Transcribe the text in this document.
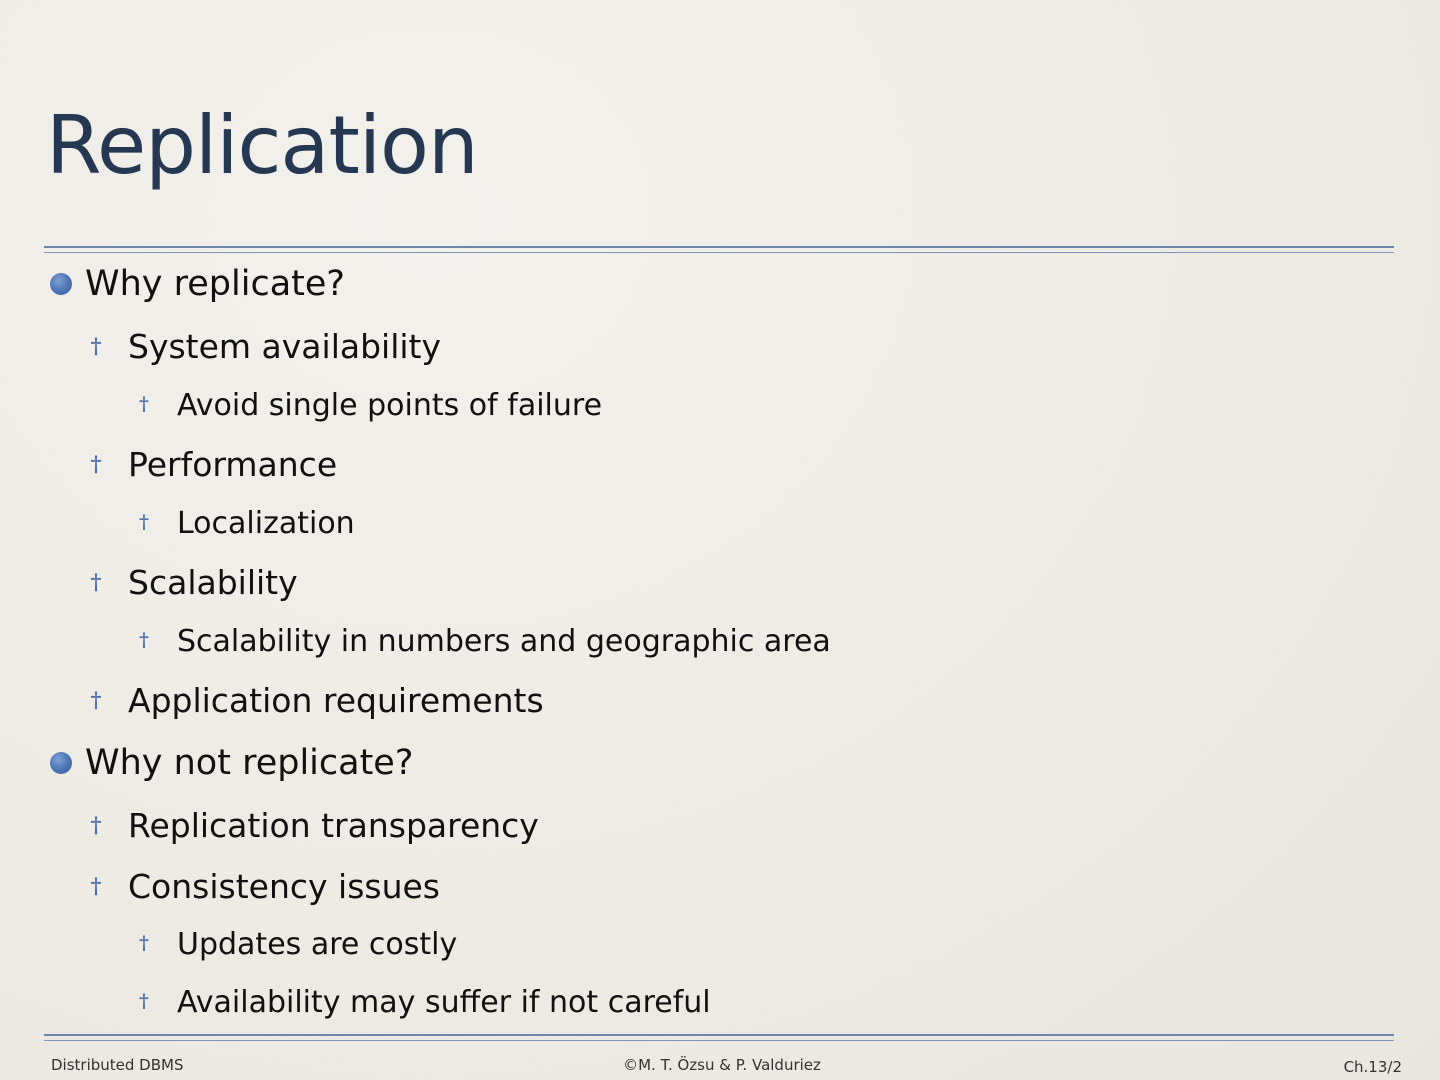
Replication
Why replicate?
† System availability
† Avoid single points of failure
† Performance
† Localization
† Scalability
† Scalability in numbers and geographic area
† Application requirements
Why not replicate?
† Replication transparency
† Consistency issues
† Updates are costly
† Availability may suffer if not careful
Distributed DBMS	©M. T. Özsu & P. Valduriez	Ch.13/2
